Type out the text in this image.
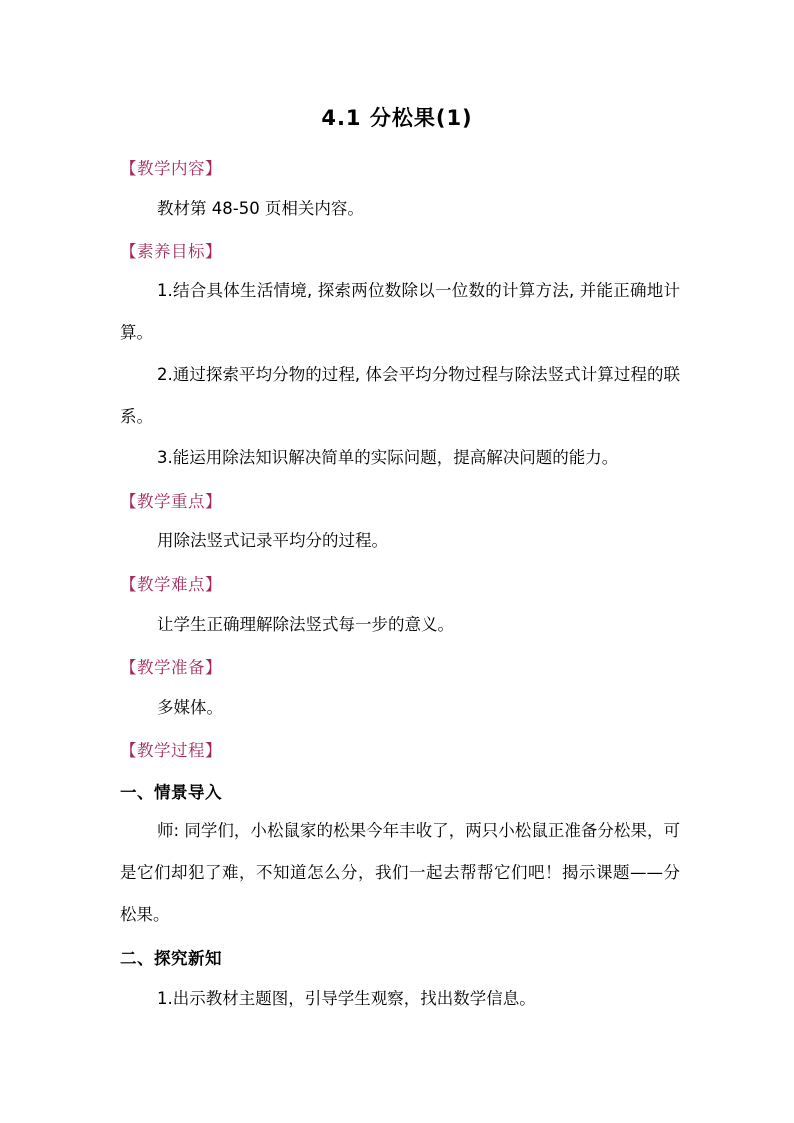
4.1 分松果(1)
【教学内容】
教材第 48-50 页相关内容。
【素养目标】
1.结合具体生活情境, 探索两位数除以一位数的计算方法, 并能正确地计算。
2.通过探索平均分物的过程, 体会平均分物过程与除法竖式计算过程的联系。
3.能运用除法知识解决简单的实际问题，提高解决问题的能力。
【教学重点】
用除法竖式记录平均分的过程。
【教学难点】
让学生正确理解除法竖式每一步的意义。
【教学准备】
多媒体。
【教学过程】
一、情景导入
师: 同学们，小松鼠家的松果今年丰收了，两只小松鼠正准备分松果，可是它们却犯了难，不知道怎么分，我们一起去帮帮它们吧！揭示课题——分松果。
二、探究新知
1.出示教材主题图，引导学生观察，找出数学信息。
